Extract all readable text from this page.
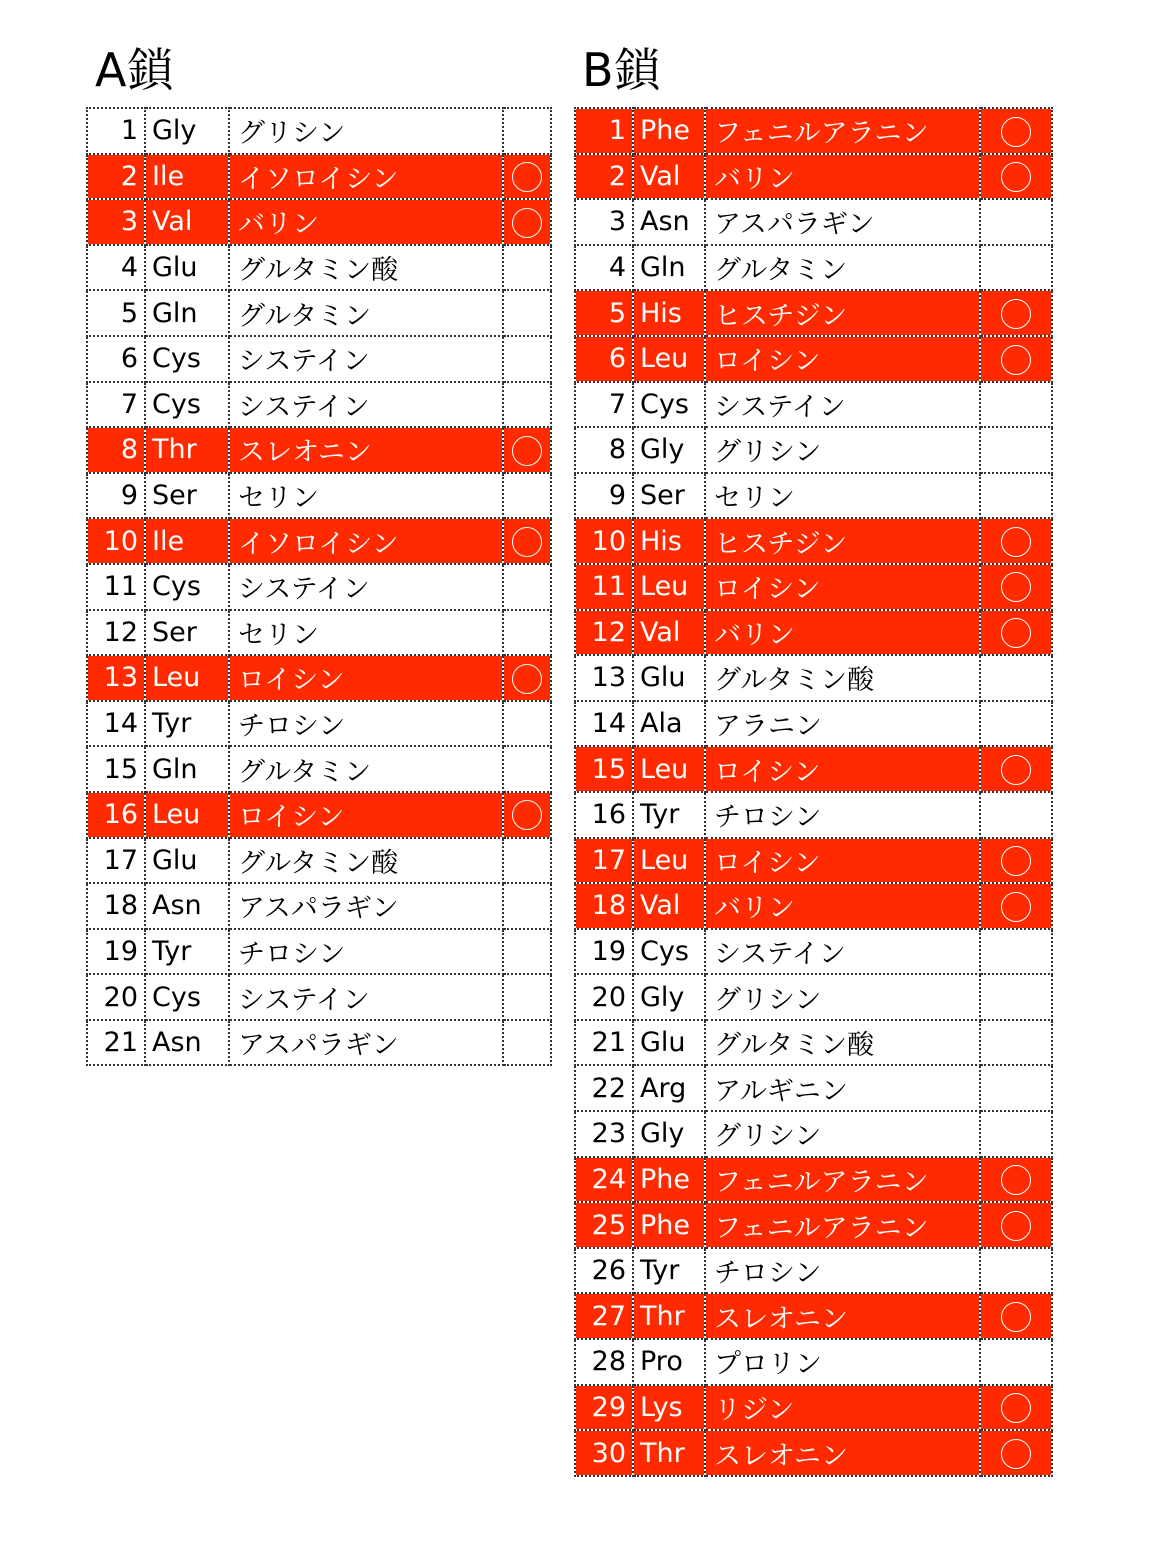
A鎖	B鎖
1	Gly	グリシン	
2	Ile	イソロイシン	
3	Val	バリン	
4	Glu	グルタミン酸	
5	Gln	グルタミン	
6	Cys	システイン	
7	Cys	システイン	
8	Thr	スレオニン	
9	Ser	セリン	
10	Ile	イソロイシン	
11	Cys	システイン	
12	Ser	セリン	
13	Leu	ロイシン	
14	Tyr	チロシン	
15	Gln	グルタミン	
16	Leu	ロイシン	
17	Glu	グルタミン酸	
18	Asn	アスパラギン	
19	Tyr	チロシン	
20	Cys	システイン	
21	Asn	アスパラギン	
1	Phe	フェニルアラニン	
2	Val	バリン	
3	Asn	アスパラギン	
4	Gln	グルタミン	
5	His	ヒスチジン	
6	Leu	ロイシン	
7	Cys	システイン	
8	Gly	グリシン	
9	Ser	セリン	
10	His	ヒスチジン	
11	Leu	ロイシン	
12	Val	バリン	
13	Glu	グルタミン酸	
14	Ala	アラニン	
15	Leu	ロイシン	
16	Tyr	チロシン	
17	Leu	ロイシン	
18	Val	バリン	
19	Cys	システイン	
20	Gly	グリシン	
21	Glu	グルタミン酸	
22	Arg	アルギニン	
23	Gly	グリシン	
24	Phe	フェニルアラニン	
25	Phe	フェニルアラニン	
26	Tyr	チロシン	
27	Thr	スレオニン	
28	Pro	プロリン	
29	Lys	リジン	
30	Thr	スレオニン	
